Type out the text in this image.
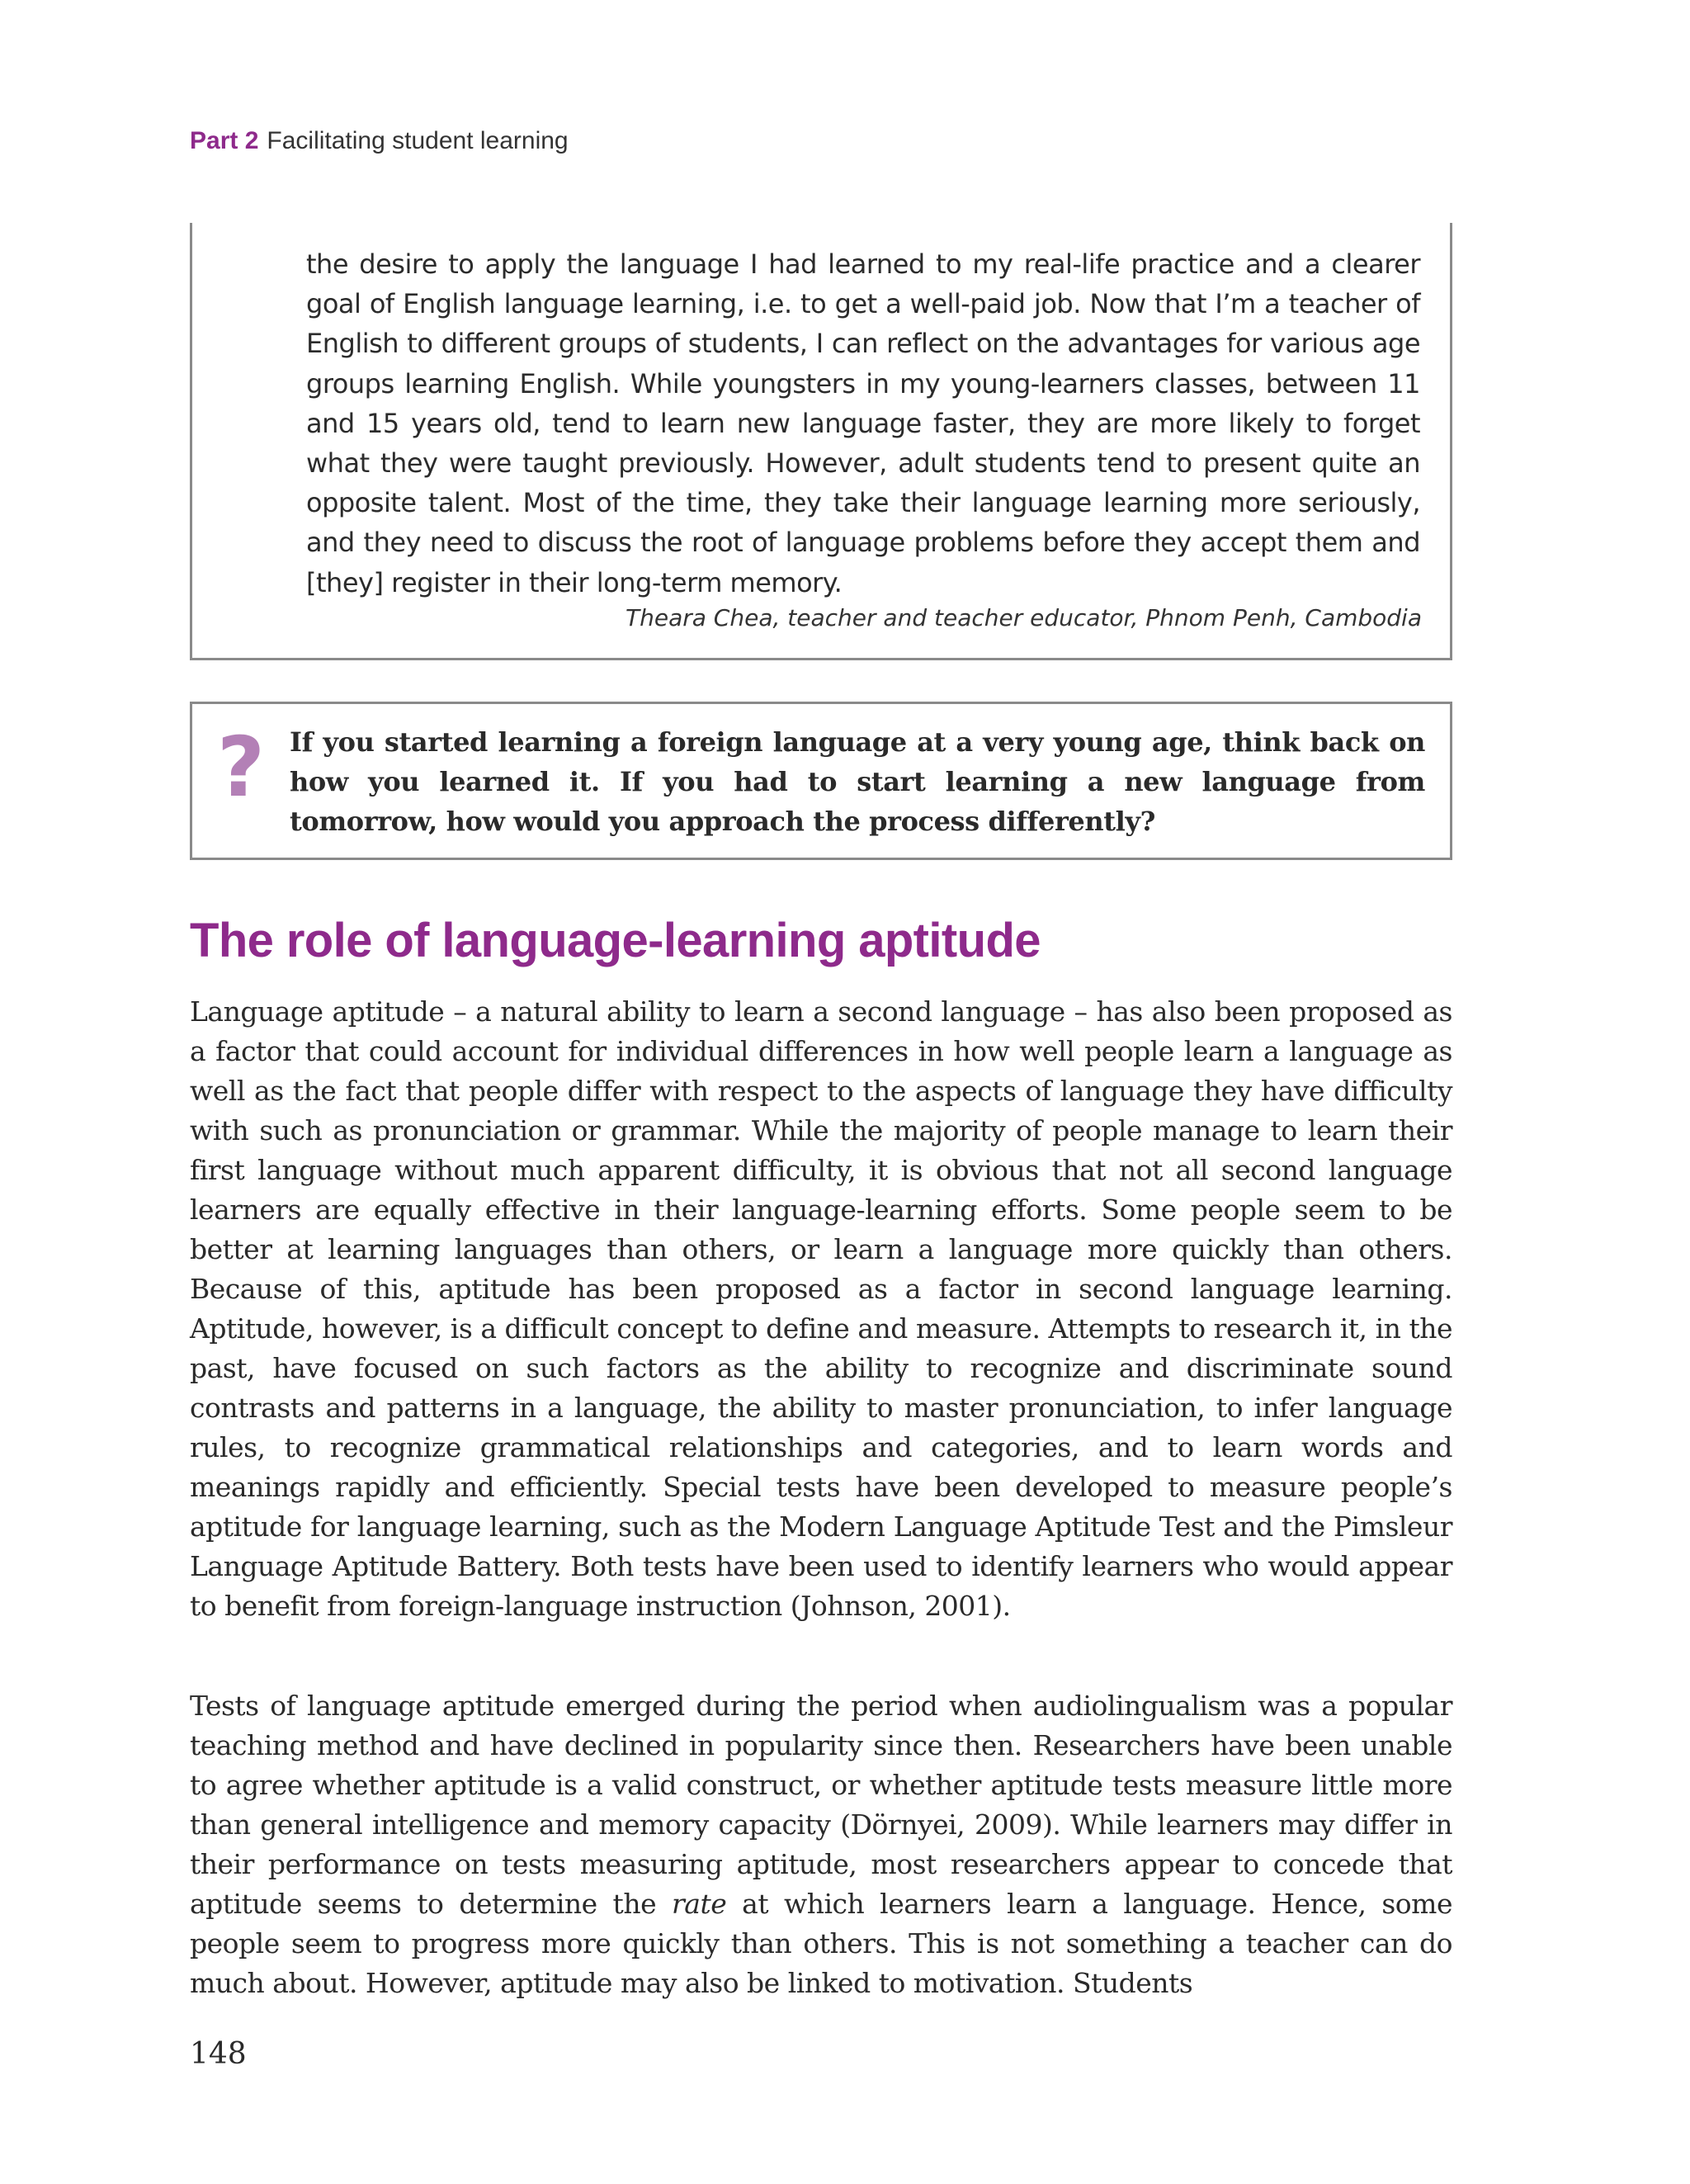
Part 2 Facilitating student learning

the desire to apply the language I had learned to my real-life practice and a clearer goal of English language learning, i.e. to get a well-paid job. Now that I’m a teacher of English to different groups of students, I can reflect on the advantages for various age groups learning English. While youngsters in my young-learners classes, between 11 and 15 years old, tend to learn new language faster, they are more likely to forget what they were taught previously. However, adult students tend to present quite an opposite talent. Most of the time, they take their language learning more seriously, and they need to discuss the root of language problems before they accept them and [they] register in their long-term memory.

Theara Chea, teacher and teacher educator, Phnom Penh, Cambodia

? If you started learning a foreign language at a very young age, think back on how you learned it. If you had to start learning a new language from tomorrow, how would you approach the process differently?

The role of language-learning aptitude

Language aptitude – a natural ability to learn a second language – has also been proposed as a factor that could account for individual differences in how well people learn a language as well as the fact that people differ with respect to the aspects of language they have difficulty with such as pronunciation or grammar. While the majority of people manage to learn their first language without much apparent difficulty, it is obvious that not all second language learners are equally effective in their language-learning efforts. Some people seem to be better at learning languages than others, or learn a language more quickly than others. Because of this, aptitude has been proposed as a factor in second language learning. Aptitude, however, is a difficult concept to define and measure. Attempts to research it, in the past, have focused on such factors as the ability to recognize and discriminate sound contrasts and patterns in a language, the ability to master pronunciation, to infer language rules, to recognize grammatical relationships and categories, and to learn words and meanings rapidly and efficiently. Special tests have been developed to measure people’s aptitude for language learning, such as the Modern Language Aptitude Test and the Pimsleur Language Aptitude Battery. Both tests have been used to identify learners who would appear to benefit from foreign-language instruction (Johnson, 2001).

Tests of language aptitude emerged during the period when audiolingualism was a popular teaching method and have declined in popularity since then. Researchers have been unable to agree whether aptitude is a valid construct, or whether aptitude tests measure little more than general intelligence and memory capacity (Dörnyei, 2009). While learners may differ in their performance on tests measuring aptitude, most researchers appear to concede that aptitude seems to determine the rate at which learners learn a language. Hence, some people seem to progress more quickly than others. This is not something a teacher can do much about. However, aptitude may also be linked to motivation. Students

148
